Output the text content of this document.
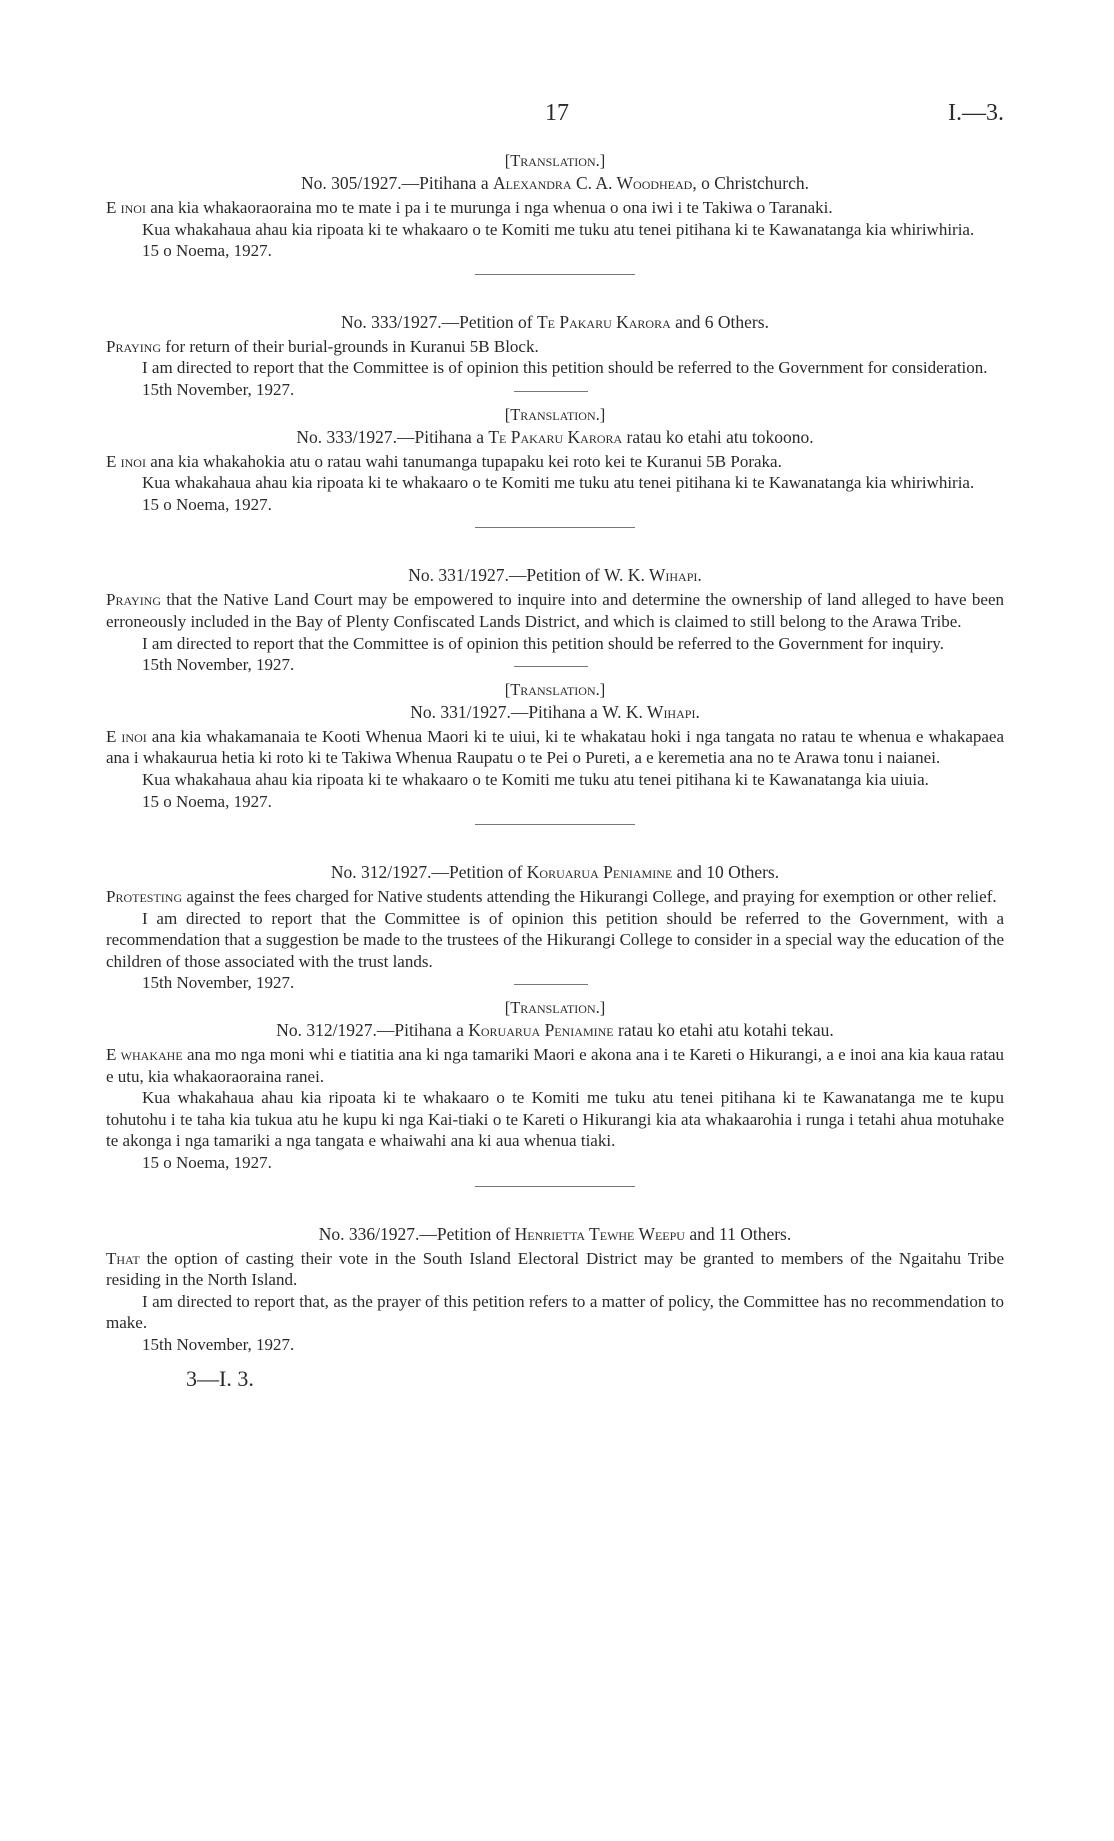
17	I.—3.
[Translation.]
No. 305/1927.—Pitihana a Alexandra C. A. Woodhead, o Christchurch.
E inoi ana kia whakaoraoraina mo te mate i pa i te murunga i nga whenua o ona iwi i te Takiwa o Taranaki.
Kua whakahaua ahau kia ripoata ki te whakaaro o te Komiti me tuku atu tenei pitihana ki te Kawanatanga kia whiriwhiria.
15 o Noema, 1927.
No. 333/1927.—Petition of Te Pakaru Karora and 6 Others.
Praying for return of their burial-grounds in Kuranui 5B Block.
I am directed to report that the Committee is of opinion this petition should be referred to the Government for consideration.
15th November, 1927.
[Translation.]
No. 333/1927.—Pitihana a Te Pakaru Karora ratau ko etahi atu tokoono.
E inoi ana kia whakahokia atu o ratau wahi tanumanga tupapaku kei roto kei te Kuranui 5B Poraka.
Kua whakahaua ahau kia ripoata ki te whakaaro o te Komiti me tuku atu tenei pitihana ki te Kawanatanga kia whiriwhiria.
15 o Noema, 1927.
No. 331/1927.—Petition of W. K. Wihapi.
Praying that the Native Land Court may be empowered to inquire into and determine the ownership of land alleged to have been erroneously included in the Bay of Plenty Confiscated Lands District, and which is claimed to still belong to the Arawa Tribe.
I am directed to report that the Committee is of opinion this petition should be referred to the Government for inquiry.
15th November, 1927.
[Translation.]
No. 331/1927.—Pitihana a W. K. Wihapi.
E inoi ana kia whakamanaia te Kooti Whenua Maori ki te uiui, ki te whakatau hoki i nga tangata no ratau te whenua e whakapaea ana i whakaurua hetia ki roto ki te Takiwa Whenua Raupatu o te Pei o Pureti, a e keremetia ana no te Arawa tonu i naianei.
Kua whakahaua ahau kia ripoata ki te whakaaro o te Komiti me tuku atu tenei pitihana ki te Kawanatanga kia uiuia.
15 o Noema, 1927.
No. 312/1927.—Petition of Koruarua Peniamine and 10 Others.
Protesting against the fees charged for Native students attending the Hikurangi College, and praying for exemption or other relief.
I am directed to report that the Committee is of opinion this petition should be referred to the Government, with a recommendation that a suggestion be made to the trustees of the Hikurangi College to consider in a special way the education of the children of those associated with the trust lands.
15th November, 1927.
[Translation.]
No. 312/1927.—Pitihana a Koruarua Peniamine ratau ko etahi atu kotahi tekau.
E whakahe ana mo nga moni whi e tiatitia ana ki nga tamariki Maori e akona ana i te Kareti o Hikurangi, a e inoi ana kia kaua ratau e utu, kia whakaoraoraina ranei.
Kua whakahaua ahau kia ripoata ki te whakaaro o te Komiti me tuku atu tenei pitihana ki te Kawanatanga me te kupu tohutohu i te taha kia tukua atu he kupu ki nga Kai-tiaki o te Kareti o Hikurangi kia ata whakaarohia i runga i tetahi ahua motuhake te akonga i nga tamariki a nga tangata e whaiwahi ana ki aua whenua tiaki.
15 o Noema, 1927.
No. 336/1927.—Petition of Henrietta Tewhe Weepu and 11 Others.
That the option of casting their vote in the South Island Electoral District may be granted to members of the Ngaitahu Tribe residing in the North Island.
I am directed to report that, as the prayer of this petition refers to a matter of policy, the Committee has no recommendation to make.
15th November, 1927.
3—I. 3.
